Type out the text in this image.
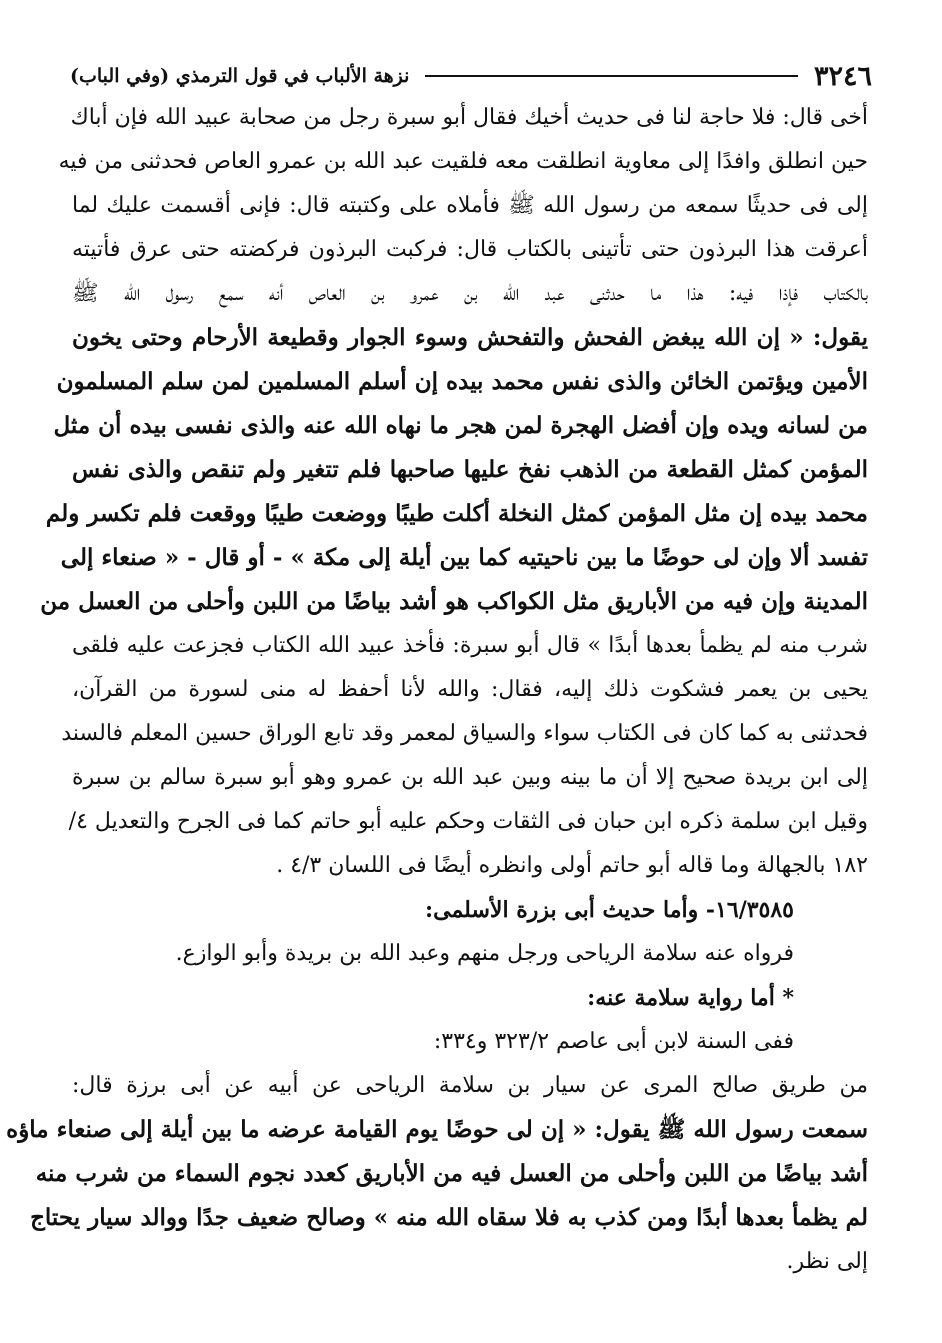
٣٢٤٦
نزهة الألباب في قول الترمذي (وفي الباب)
أخى قال: فلا حاجة لنا فى حديث أخيك فقال أبو سبرة رجل من صحابة عبيد الله فإن أباك
حين انطلق وافدًا إلى معاوية انطلقت معه فلقيت عبد الله بن عمرو العاص فحدثنى من فيه
إلى فى حديثًا سمعه من رسول الله ﷺ فأملاه على وكتبته قال: فإنى أقسمت عليك لما
أعرقت هذا البرذون حتى تأتينى بالكتاب قال: فركبت البرذون فركضته حتى عرق فأتيته
بالكتاب فإذا فيه: هذا ما حدثنى عبد الله بن عمرو بن العاص أنه سمع رسول الله ﷺ
يقول: « إن الله يبغض الفحش والتفحش وسوء الجوار وقطيعة الأرحام وحتى يخون
الأمين ويؤتمن الخائن والذى نفس محمد بيده إن أسلم المسلمين لمن سلم المسلمون
من لسانه ويده وإن أفضل الهجرة لمن هجر ما نهاه الله عنه والذى نفسى بيده أن مثل
المؤمن كمثل القطعة من الذهب نفخ عليها صاحبها فلم تتغير ولم تنقص والذى نفس
محمد بيده إن مثل المؤمن كمثل النخلة أكلت طيبًا ووضعت طيبًا ووقعت فلم تكسر ولم
تفسد ألا وإن لى حوضًا ما بين ناحيتيه كما بين أيلة إلى مكة » - أو قال - « صنعاء إلى
المدينة وإن فيه من الأباريق مثل الكواكب هو أشد بياضًا من اللبن وأحلى من العسل من
شرب منه لم يظمأ بعدها أبدًا » قال أبو سبرة: فأخذ عبيد الله الكتاب فجزعت عليه فلقى
يحيى بن يعمر فشكوت ذلك إليه، فقال: والله لأنا أحفظ له منى لسورة من القرآن،
فحدثنى به كما كان فى الكتاب سواء والسياق لمعمر وقد تابع الوراق حسين المعلم فالسند
إلى ابن بريدة صحيح إلا أن ما بينه وبين عبد الله بن عمرو وهو أبو سبرة سالم بن سبرة
وقيل ابن سلمة ذكره ابن حبان فى الثقات وحكم عليه أبو حاتم كما فى الجرح والتعديل ٤/
١٨٢ بالجهالة وما قاله أبو حاتم أولى وانظره أيضًا فى اللسان ٤/٣ .
١٦/٣٥٨٥- وأما حديث أبى بزرة الأسلمى:
فرواه عنه سلامة الرياحى ورجل منهم وعبد الله بن بريدة وأبو الوازع.
* أما رواية سلامة عنه:
ففى السنة لابن أبى عاصم ٣٢٣/٢ و٣٣٤:
من طريق صالح المرى عن سيار بن سلامة الرياحى عن أبيه عن أبى برزة قال:
سمعت رسول الله ﷺ يقول: « إن لى حوضًا يوم القيامة عرضه ما بين أيلة إلى صنعاء ماؤه
أشد بياضًا من اللبن وأحلى من العسل فيه من الأباريق كعدد نجوم السماء من شرب منه
لم يظمأ بعدها أبدًا ومن كذب به فلا سقاه الله منه » وصالح ضعيف جدًا ووالد سيار يحتاج
إلى نظر.
